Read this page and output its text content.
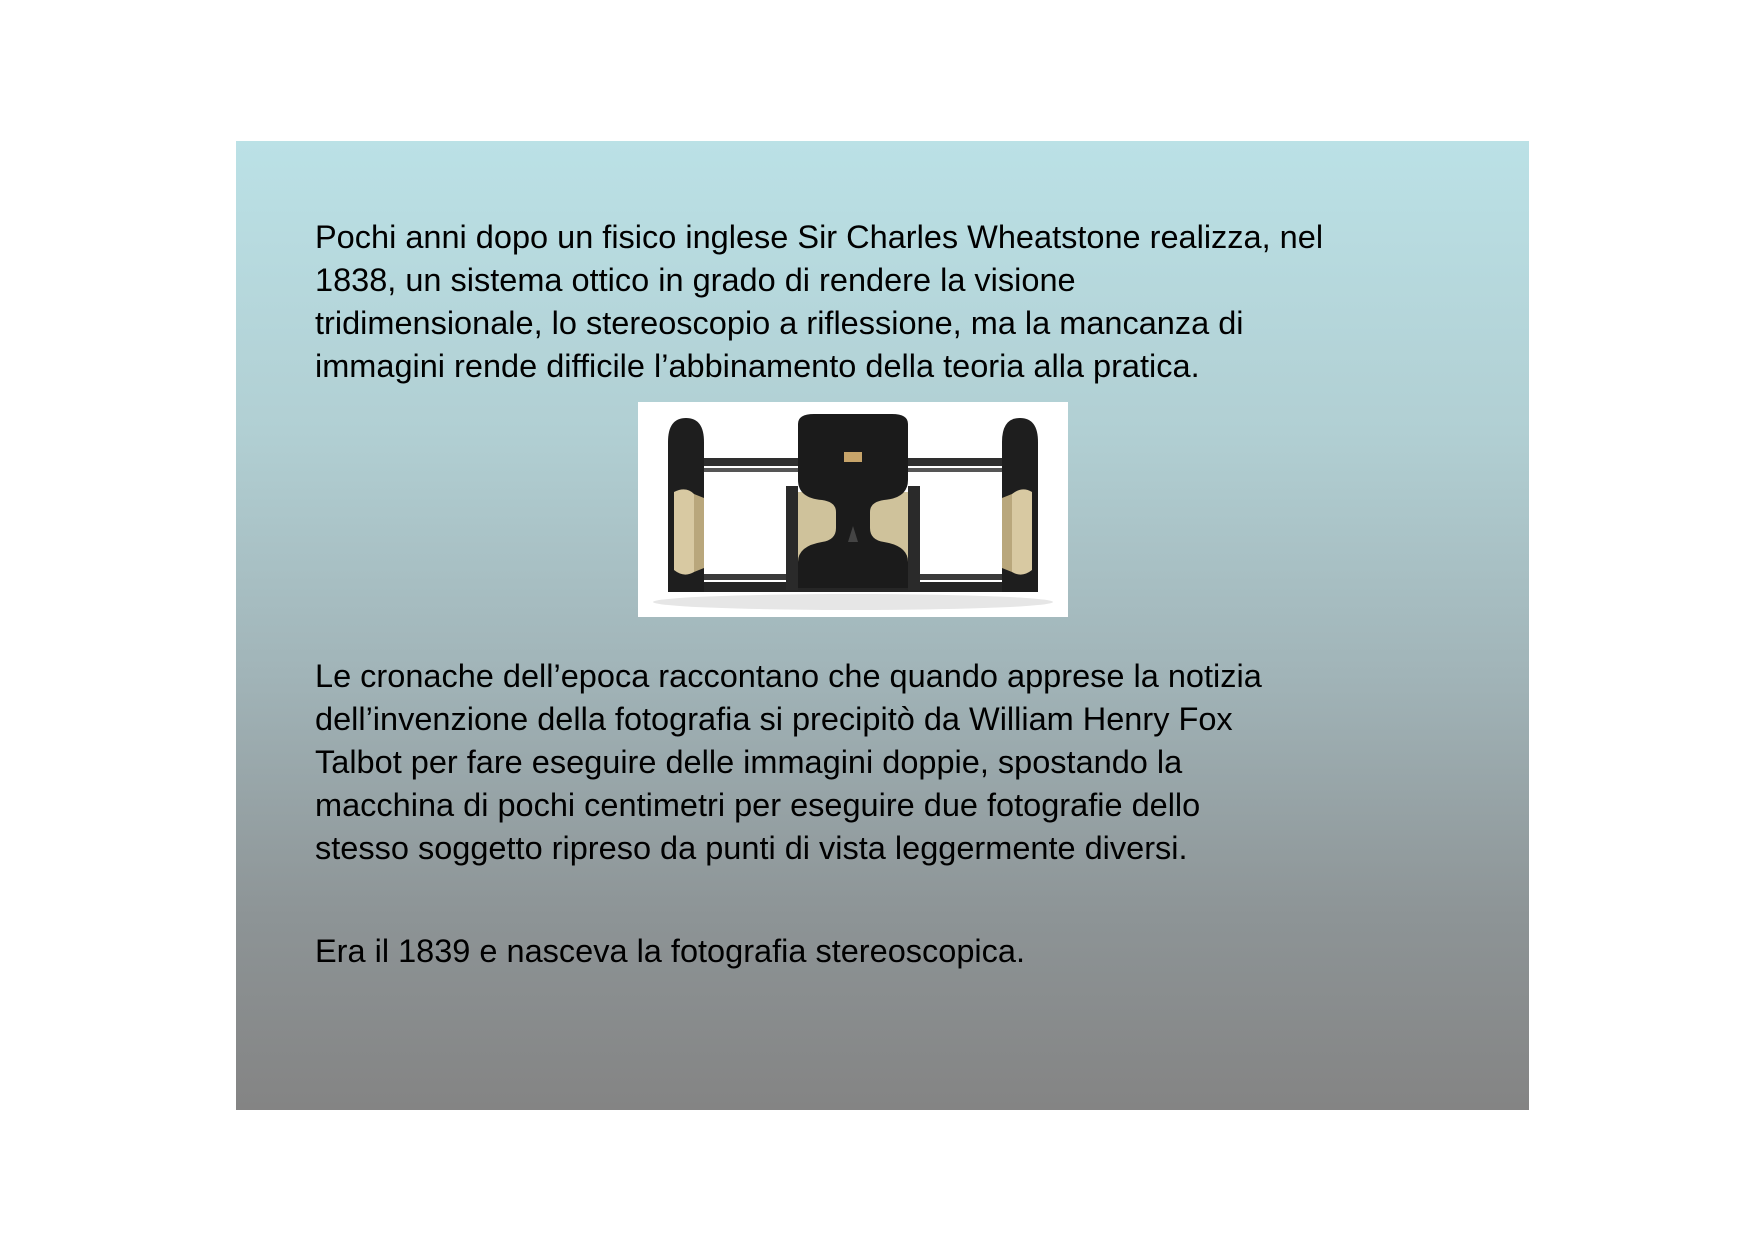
Pochi anni dopo un fisico inglese Sir Charles Wheatstone realizza, nel
1838, un sistema ottico in grado di rendere la visione
tridimensionale, lo stereoscopio a riflessione, ma la mancanza di
immagini rende difficile l’abbinamento della teoria alla pratica.

Le cronache dell’epoca raccontano che quando apprese la notizia
dell’invenzione della fotografia si precipitò da William Henry Fox
Talbot per fare eseguire delle immagini doppie, spostando la
macchina di pochi centimetri per eseguire due fotografie dello
stesso soggetto ripreso da punti di vista leggermente diversi.

Era il 1839 e nasceva la fotografia stereoscopica.
